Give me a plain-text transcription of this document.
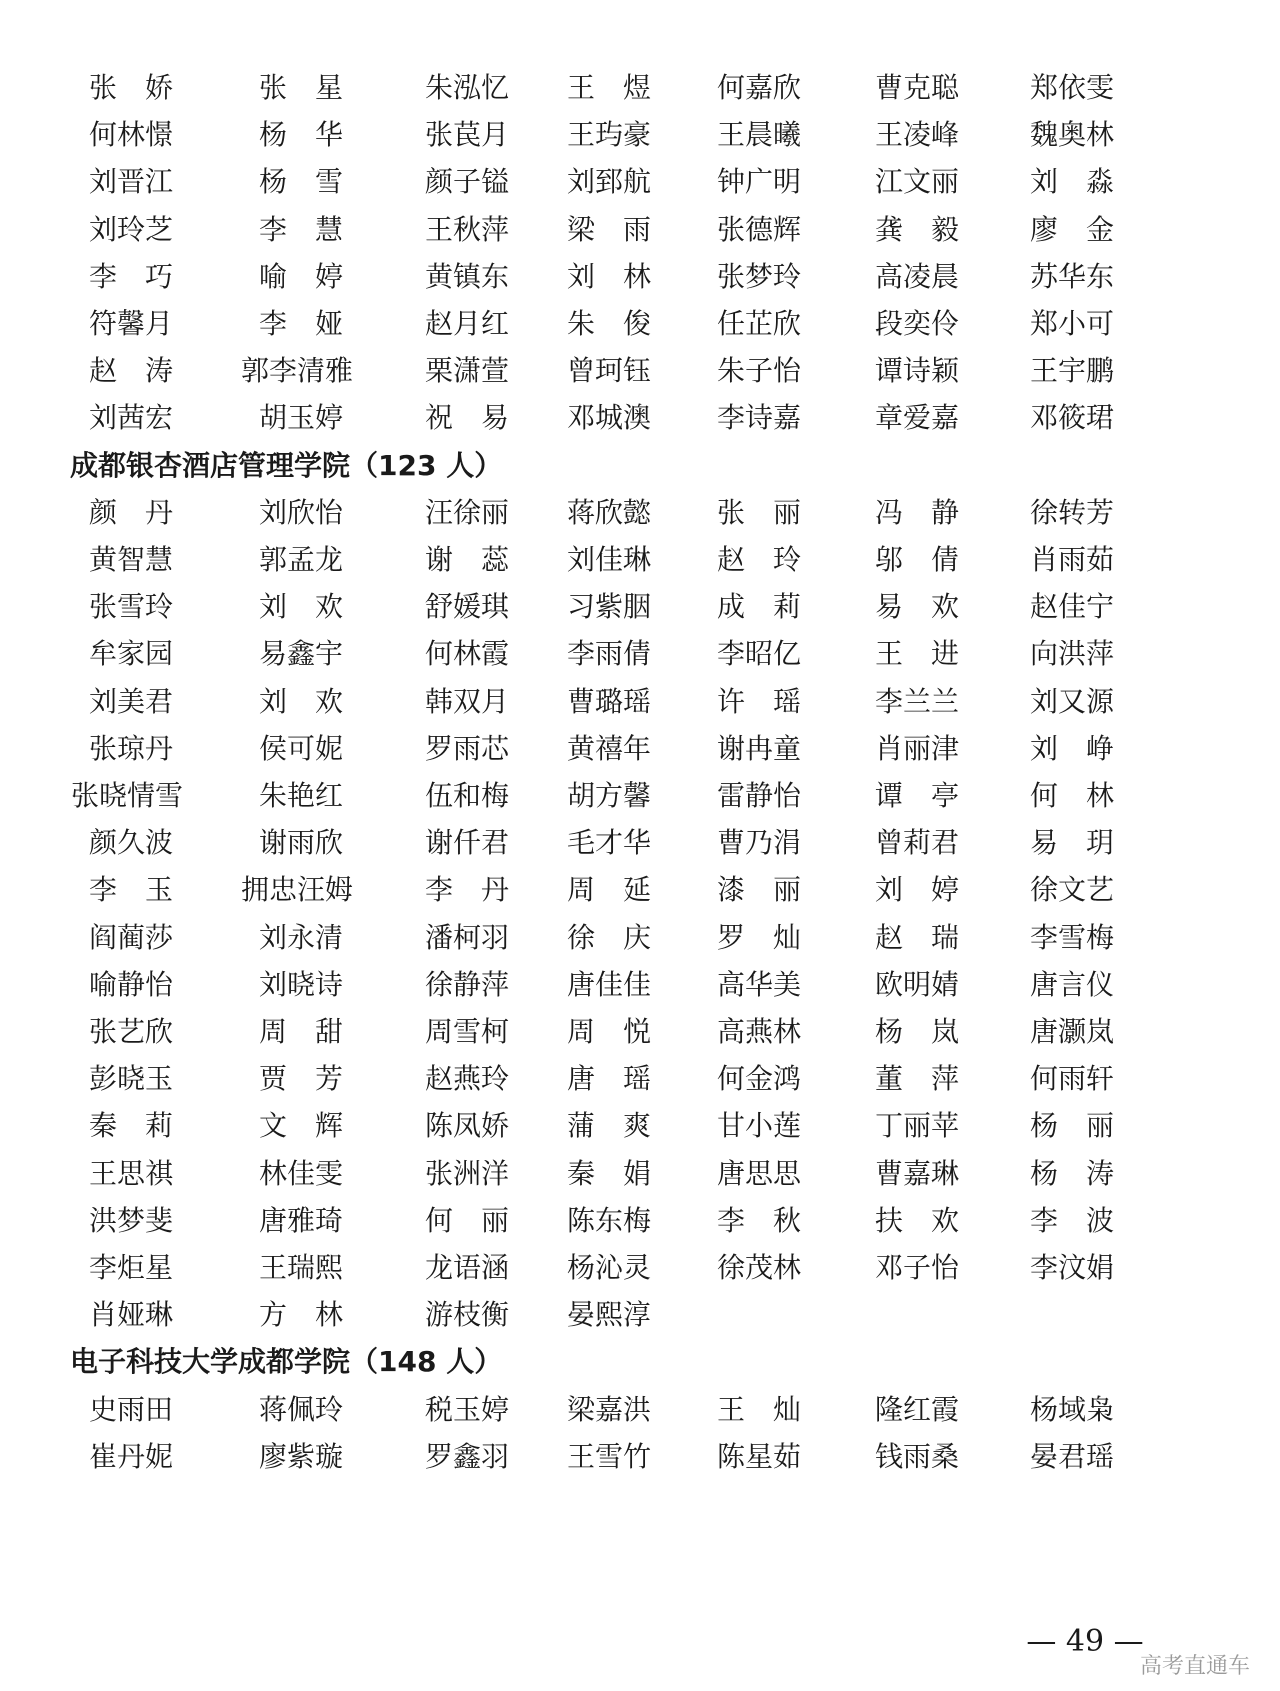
张　娇	张　星	朱泓忆 王　煜 何嘉欣	曹克聪	郑依雯
何林憬	杨　华	张苠月 王玙豪 王晨曦	王凌峰	魏奥林
刘晋江	杨　雪	颜子镒 刘郅航 钟广明	江文丽	刘　淼
刘玲芝	李　慧	王秋萍 梁　雨 张德辉	龚　毅	廖　金
李　巧	喻　婷	黄镇东 刘　林 张梦玲	高凌晨	苏华东
符馨月	李　娅	赵月红 朱　俊 任芷欣	段奕伶	郑小可
赵　涛 郭李清雅	栗潇萱 曾珂钰 朱子怡	谭诗颖	王宇鹏
刘茜宏	胡玉婷	祝　易 邓城澳 李诗嘉	章爱嘉	邓筱珺
成都银杏酒店管理学院（123 人）
颜　丹	刘欣怡	汪徐丽 蒋欣懿 张　丽	冯　静	徐转芳
黄智慧	郭孟龙	谢　蕊 刘佳琳 赵　玲	邬　倩	肖雨茹
张雪玲	刘　欢	舒媛琪 习紫胭 成　莉	易　欢	赵佳宁
牟家园	易鑫宇	何林霞 李雨倩 李昭亿	王　进	向洪萍
刘美君	刘　欢	韩双月 曹璐瑶 许　瑶	李兰兰	刘又源
张琼丹	侯可妮	罗雨芯 黄禧年 谢冉童	肖丽津	刘　峥
张晓情雪	朱艳红	伍和梅 胡方馨 雷静怡	谭　亭	何　林
颜久波	谢雨欣	谢仟君 毛才华 曹乃涓	曾莉君	易　玥
李　玉 拥忠汪姆	李　丹 周　延 漆　丽	刘　婷	徐文艺
阎蔺莎	刘永清	潘柯羽 徐　庆 罗　灿	赵　瑞	李雪梅
喻静怡	刘晓诗	徐静萍 唐佳佳 高华美	欧明婧	唐言仪
张艺欣	周　甜	周雪柯 周　悦 高燕林	杨　岚	唐灏岚
彭晓玉	贾　芳	赵燕玲 唐　瑶 何金鸿	董　萍	何雨轩
秦　莉	文　辉	陈凤娇 蒲　爽 甘小莲	丁丽苹	杨　丽
王思祺	林佳雯	张洲洋 秦　娟 唐思思	曹嘉琳	杨　涛
洪梦斐	唐雅琦	何　丽 陈东梅 李　秋	扶　欢	李　波
李炬星	王瑞熙	龙语涵 杨沁灵 徐茂林	邓子怡	李汶娟
肖娅琳	方　林	游枝衡 晏熙淳
电子科技大学成都学院（148 人）
史雨田	蒋佩玲	税玉婷 梁嘉洪 王　灿	隆红霞	杨域枭
崔丹妮	廖紫璇	罗鑫羽 王雪竹 陈星茹	钱雨桑	晏君瑶
— 49 —
高考直通车
